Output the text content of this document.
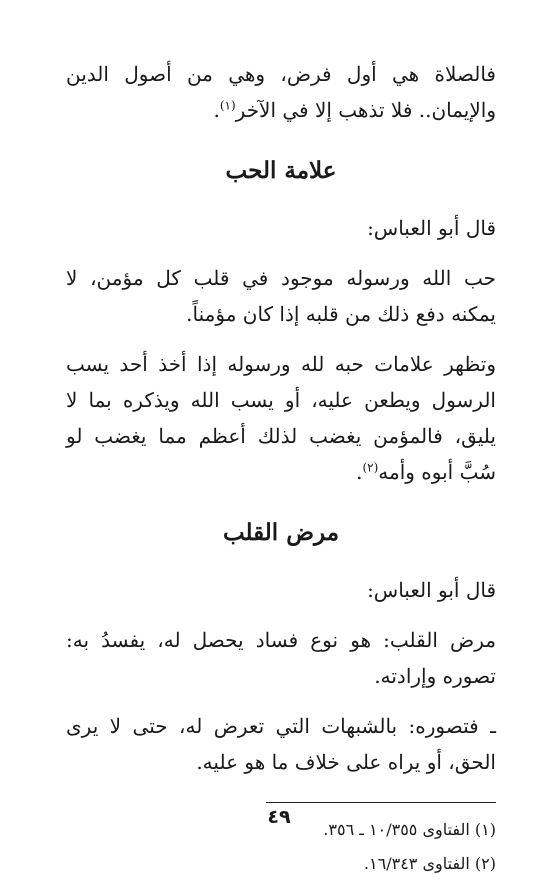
فالصلاة هي أول فرض، وهي من أصول الدين والإيمان.. فلا تذهب إلا في الآخر$^{(١)}$.

علامة الحب

قال أبو العباس:

حب الله ورسوله موجود في قلب كل مؤمن، لا يمكنه دفع ذلك من قلبه إذا كان مؤمناً.

وتظهر علامات حبه لله ورسوله إذا أخذ أحد يسب الرسول ويطعن عليه، أو يسب الله ويذكره بما لا يليق، فالمؤمن يغضب لذلك أعظم مما يغضب لو سُبَّ أبوه وأمه$^{(٢)}$.

مرض القلب

قال أبو العباس:

مرض القلب: هو نوع فساد يحصل له، يفسدُ به: تصوره وإرادته.

ـ فتصوره: بالشبهات التي تعرض له، حتى لا يرى الحق، أو يراه على خلاف ما هو عليه.

(١) الفتاوى ١٠/٣٥٥ ـ ٣٥٦.

(٢) الفتاوى ١٦/٣٤٣.

٤٩
